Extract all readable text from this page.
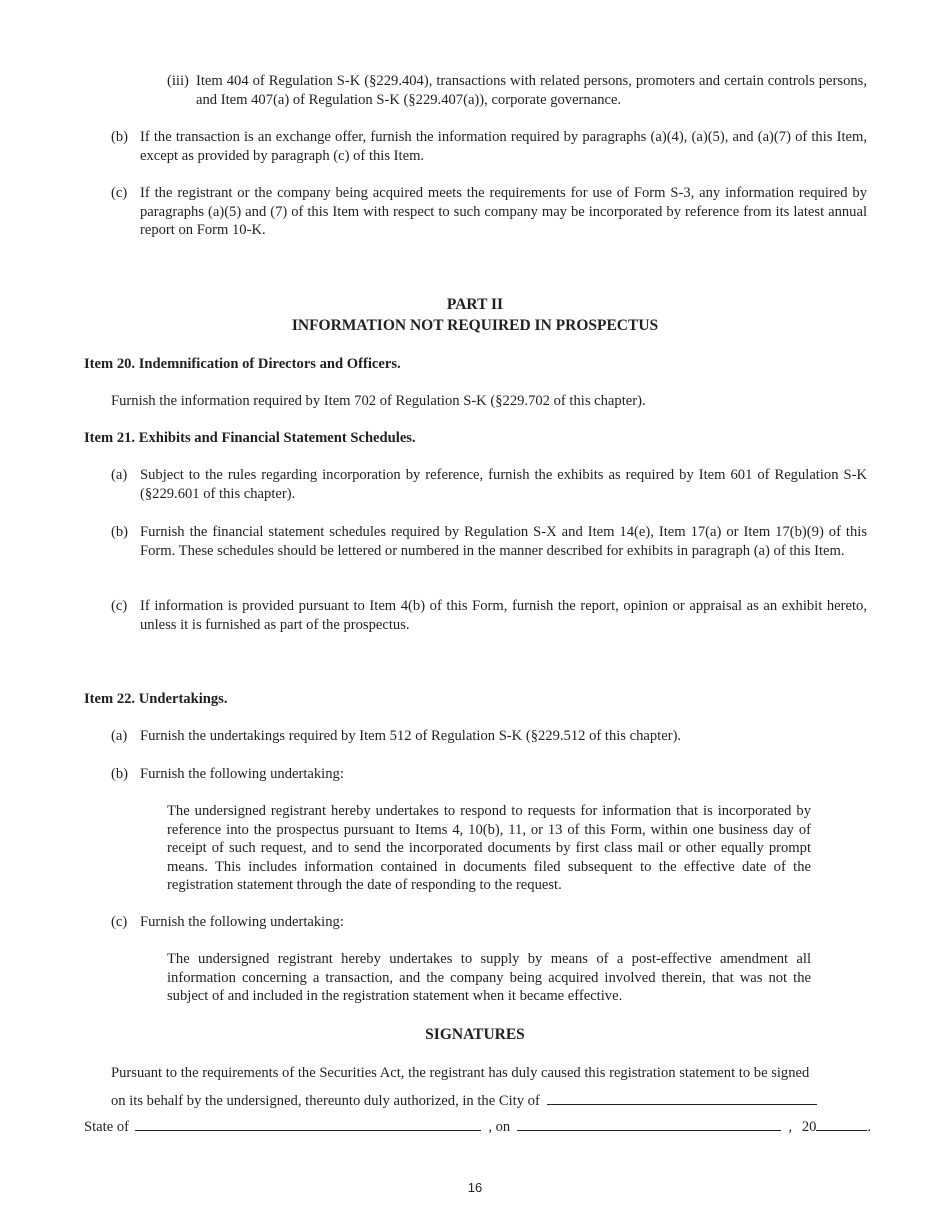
(iii) Item 404 of Regulation S-K (§229.404), transactions with related persons, promoters and certain controls persons, and Item 407(a) of Regulation S-K (§229.407(a)), corporate governance.

(b) If the transaction is an exchange offer, furnish the information required by paragraphs (a)(4), (a)(5), and (a)(7) of this Item, except as provided by paragraph (c) of this Item.

(c) If the registrant or the company being acquired meets the requirements for use of Form S-3, any information required by paragraphs (a)(5) and (7) of this Item with respect to such company may be incorporated by reference from its latest annual report on Form 10-K.

PART II
INFORMATION NOT REQUIRED IN PROSPECTUS
Item 20. Indemnification of Directors and Officers.
Furnish the information required by Item 702 of Regulation S-K (§229.702 of this chapter).
Item 21. Exhibits and Financial Statement Schedules.
(a) Subject to the rules regarding incorporation by reference, furnish the exhibits as required by Item 601 of Regulation S-K (§229.601 of this chapter).

(b) Furnish the financial statement schedules required by Regulation S-X and Item 14(e), Item 17(a) or Item 17(b)(9) of this Form. These schedules should be lettered or numbered in the manner described for exhibits in paragraph (a) of this Item.

(c) If information is provided pursuant to Item 4(b) of this Form, furnish the report, opinion or appraisal as an exhibit hereto, unless it is furnished as part of the prospectus.

Item 22. Undertakings.
(a) Furnish the undertakings required by Item 512 of Regulation S-K (§229.512 of this chapter).

(b) Furnish the following undertaking:

The undersigned registrant hereby undertakes to respond to requests for information that is incorporated by reference into the prospectus pursuant to Items 4, 10(b), 11, or 13 of this Form, within one business day of receipt of such request, and to send the incorporated documents by first class mail or other equally prompt means. This includes information contained in documents filed subsequent to the effective date of the registration statement through the date of responding to the request.

(c) Furnish the following undertaking:

The undersigned registrant hereby undertakes to supply by means of a post-effective amendment all information concerning a transaction, and the company being acquired involved therein, that was not the subject of and included in the registration statement when it became effective.

SIGNATURES
Pursuant to the requirements of the Securities Act, the registrant has duly caused this registration statement to be signed
on its behalf by the undersigned, thereunto duly authorized, in the City of
State of	, on	, 20	.
16
